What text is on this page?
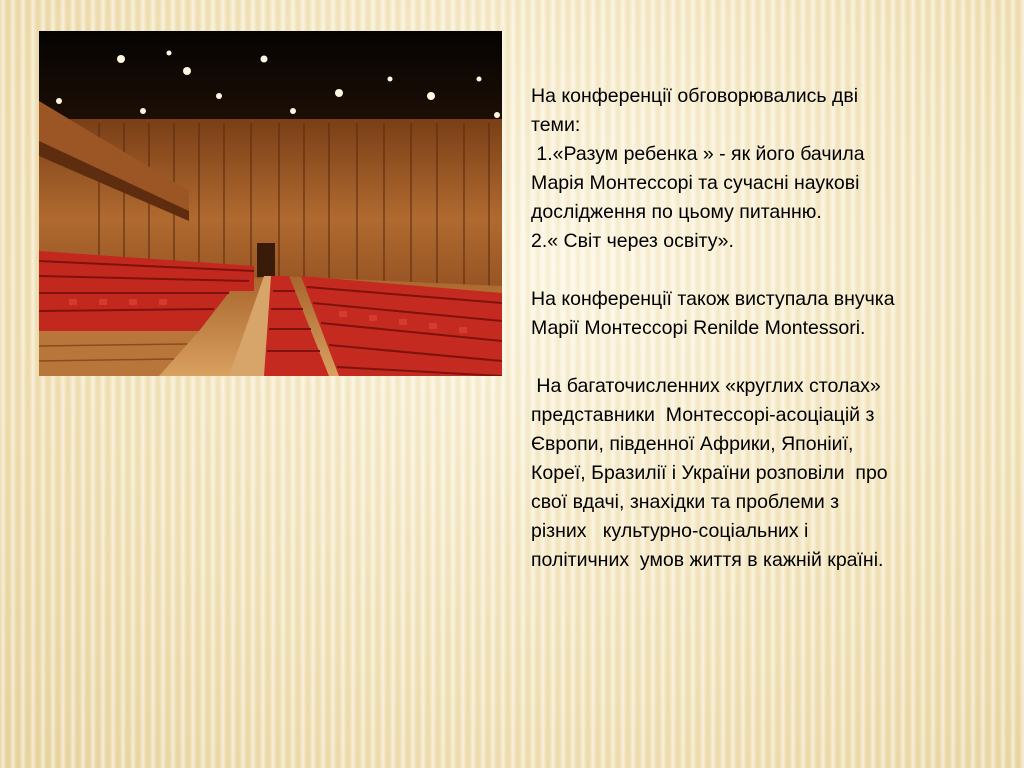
На конференції обговорювались дві

теми:

1.«Разум ребенка » - як його бачила

Марія Монтессорі та сучасні наукові

дослідження по цьому питанню.

2.« Світ через освіту».

На конференції також виступала внучка

Марії Монтессорі Renilde Montessori.

На багаточисленних «круглих столах»

представники  Монтессорі-асоціацій з

Європи, південної Африки, Японіиї,

Кореї, Бразилії і України розповіли  про

свої вдачі, знахідки та проблеми з

різних   культурно-соціальних і

політичних  умов життя в кажній країні.
